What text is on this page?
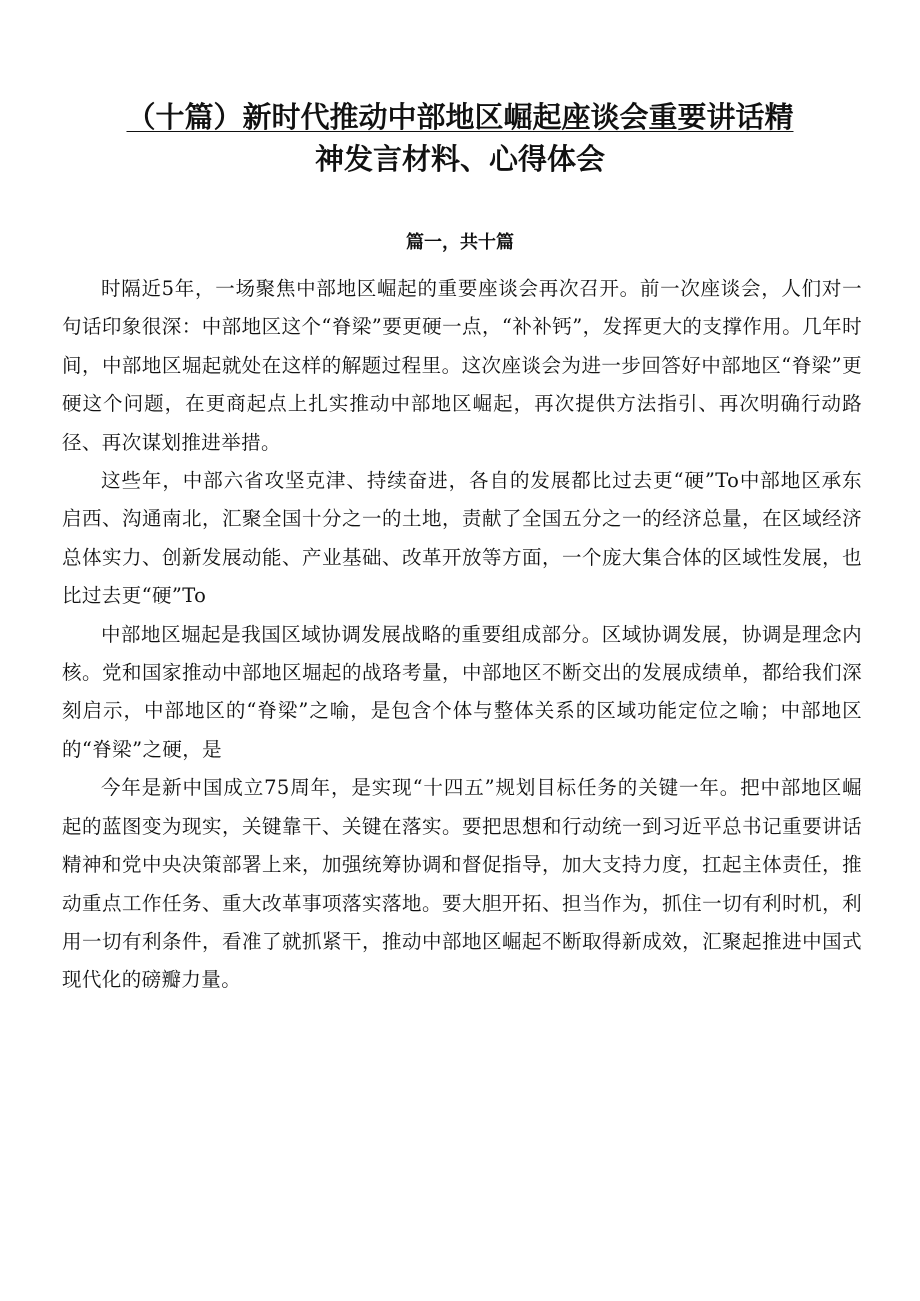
（十篇）新时代推动中部地区崛起座谈会重要讲话精
神发言材料、心得体会
篇一，共十篇

时隔近5年，一场聚焦中部地区崛起的重要座谈会再次召开。前一次座谈会，人们对一句话印象很深：中部地区这个“脊梁”要更硬一点，“补补钙”，发挥更大的支撑作用。几年时间，中部地区堀起就处在这样的解题过程里。这次座谈会为进一步回答好中部地区“脊梁”更硬这个问题，在更商起点上扎实推动中部地区崛起，再次提供方法指引、再次明确行动路径、再次谋划推进举措。

这些年，中部六省攻坚克津、持续奋进，各自的发展都比过去更“硬”To中部地区承东启西、沟通南北，汇聚全国十分之一的土地，责献了全国五分之一的经济总量，在区域经济总体实力、创新发展动能、产业基础、改革开放等方面，一个庞大集合体的区域性发展，也比过去更“硬”To

中部地区堀起是我国区域协调发展战略的重要组成部分。区域协调发展，协调是理念内核。党和国家推动中部地区堀起的战珞考量，中部地区不断交出的发展成绩单，都给我们深刻启示，中部地区的“脊梁”之喻，是包含个体与整体关系的区域功能定位之喻；中部地区的“脊梁”之硬，是

今年是新中国成立75周年，是实现“十四五”规划目标任务的关键一年。把中部地区崛起的蓝图变为现实，关键靠干、关键在落实。要把思想和行动统一到习近平总书记重要讲话精神和党中央决策部署上来，加强统筹协调和督促指导，加大支持力度，扛起主体责任，推动重点工作任务、重大改革事项落实落地。要大胆开拓、担当作为，抓住一切有利时机，利用一切有利条件，看准了就抓紧干，推动中部地区崛起不断取得新成效，汇聚起推进中国式现代化的磅瓣力量。
